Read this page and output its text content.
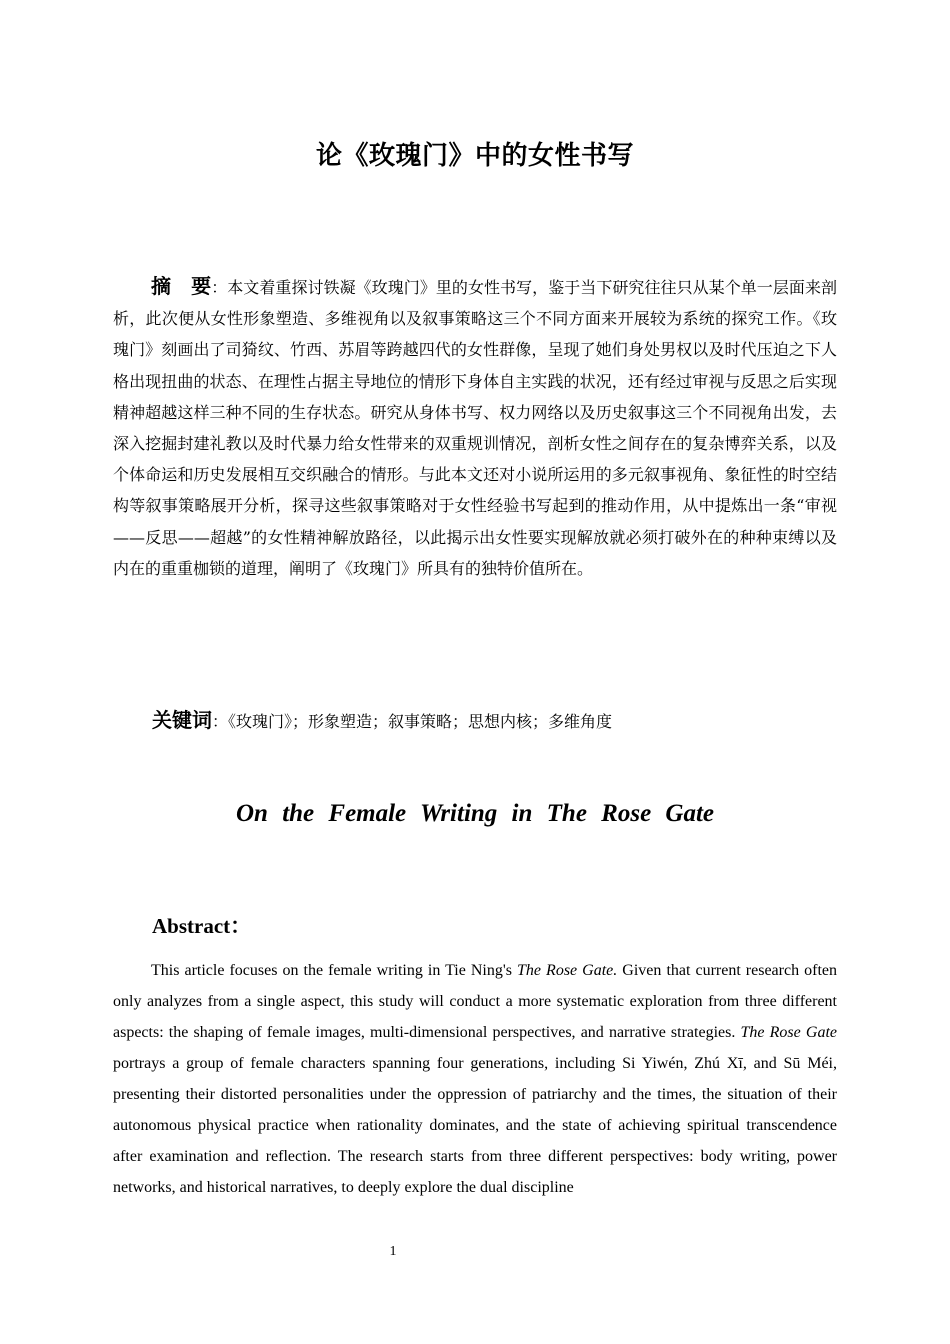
论《玫瑰门》中的女性书写

摘　要：本文着重探讨铁凝《玫瑰门》里的女性书写，鉴于当下研究往往只从某个单一层面来剖析，此次便从女性形象塑造、多维视角以及叙事策略这三个不同方面来开展较为系统的探究工作。《玫瑰门》刻画出了司猗纹、竹西、苏眉等跨越四代的女性群像，呈现了她们身处男权以及时代压迫之下人格出现扭曲的状态、在理性占据主导地位的情形下身体自主实践的状况，还有经过审视与反思之后实现精神超越这样三种不同的生存状态。研究从身体书写、权力网络以及历史叙事这三个不同视角出发，去深入挖掘封建礼教以及时代暴力给女性带来的双重规训情况，剖析女性之间存在的复杂博弈关系，以及个体命运和历史发展相互交织融合的情形。与此本文还对小说所运用的多元叙事视角、象征性的时空结构等叙事策略展开分析，探寻这些叙事策略对于女性经验书写起到的推动作用，从中提炼出一条“审视——反思——超越”的女性精神解放路径，以此揭示出女性要实现解放就必须打破外在的种种束缚以及内在的重重枷锁的道理，阐明了《玫瑰门》所具有的独特价值所在。

关键词：《玫瑰门》；形象塑造；叙事策略；思想内核；多维角度

On the Female Writing in The Rose Gate
Abstract：

This article focuses on the female writing in Tie Ning's The Rose Gate. Given that current research often only analyzes from a single aspect, this study will conduct a more systematic exploration from three different aspects: the shaping of female images, multi-dimensional perspectives, and narrative strategies. The Rose Gate portrays a group of female characters spanning four generations, including Si Yiwén, Zhú Xī, and Sū Méi, presenting their distorted personalities under the oppression of patriarchy and the times, the situation of their autonomous physical practice when rationality dominates, and the state of achieving spiritual transcendence after examination and reflection. The research starts from three different perspectives: body writing, power networks, and historical narratives, to deeply explore the dual discipline

1
